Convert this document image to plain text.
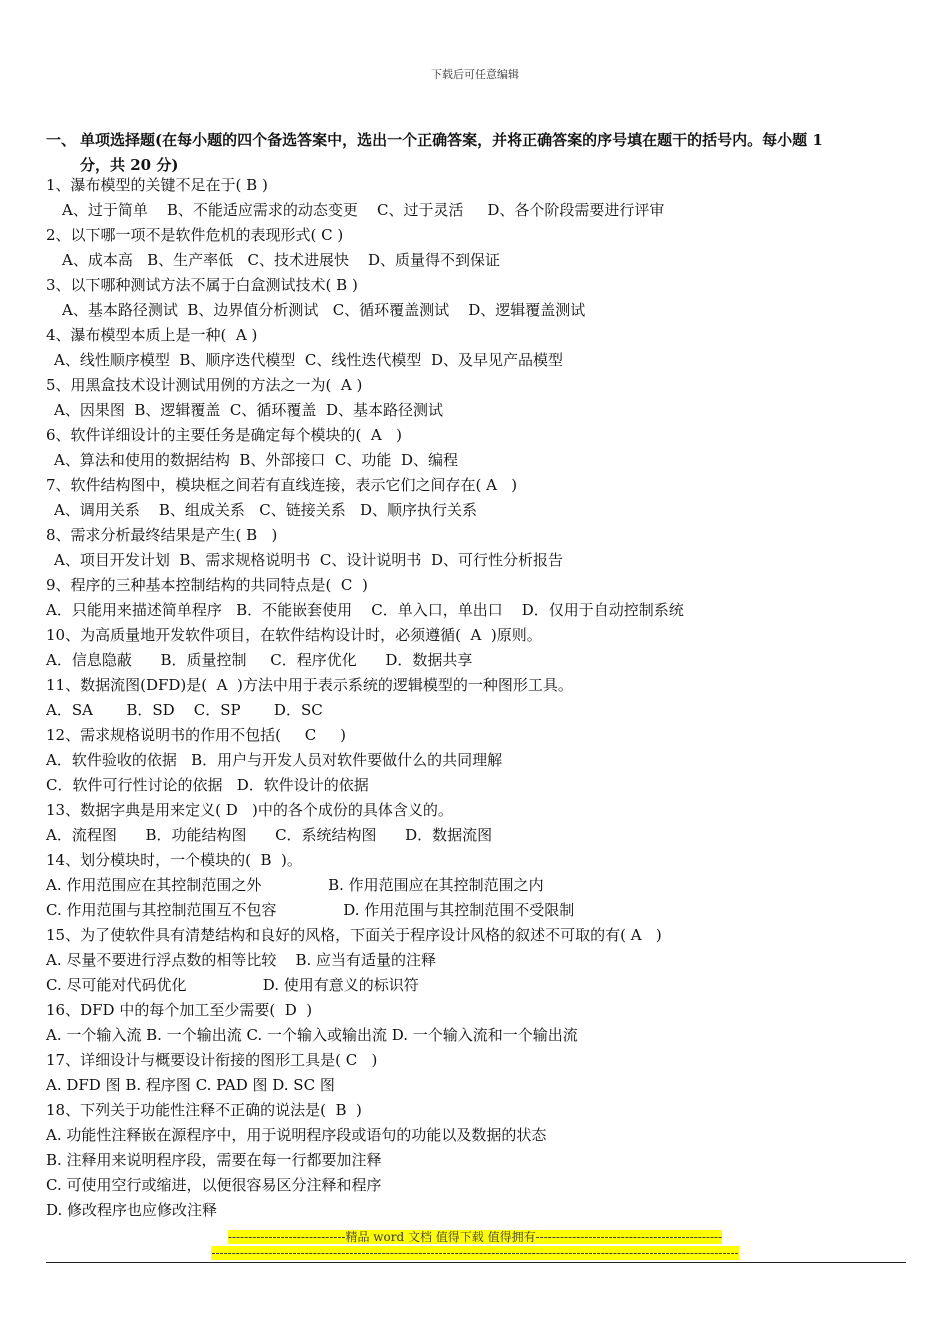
下载后可任意编辑
一、 单项选择题(在每小题的四个备选答案中，选出一个正确答案，并将正确答案的序号填在题干的括号内。每小题 1
分，共 20 分)
1、瀑布模型的关键不足在于( B )
A、过于简单    B、不能适应需求的动态变更    C、过于灵活     D、各个阶段需要进行评审
2、以下哪一项不是软件危机的表现形式( C )
A、成本高   B、生产率低   C、技术进展快    D、质量得不到保证
3、以下哪种测试方法不属于白盒测试技术( B )
A、基本路径测试  B、边界值分析测试   C、循环覆盖测试    D、逻辑覆盖测试
4、瀑布模型本质上是一种(  A )
A、线性顺序模型  B、顺序迭代模型  C、线性迭代模型  D、及早见产品模型
5、用黑盒技术设计测试用例的方法之一为(  A )
A、因果图  B、逻辑覆盖  C、循环覆盖  D、基本路径测试
6、软件详细设计的主要任务是确定每个模块的(  A   )
A、算法和使用的数据结构  B、外部接口  C、功能  D、编程
7、软件结构图中，模块框之间若有直线连接，表示它们之间存在( A   )
A、调用关系    B、组成关系   C、链接关系   D、顺序执行关系
8、需求分析最终结果是产生( B   )
A、项目开发计划  B、需求规格说明书  C、设计说明书  D、可行性分析报告
9、程序的三种基本控制结构的共同特点是(  C  )
A．只能用来描述简单程序   B．不能嵌套使用    C．单入口，单出口    D．仅用于自动控制系统
10、为高质量地开发软件项目，在软件结构设计时，必须遵循(  A  )原则。
A．信息隐蔽      B．质量控制     C．程序优化      D．数据共享
11、数据流图(DFD)是(  A  )方法中用于表示系统的逻辑模型的一种图形工具。
A．SA       B．SD    C．SP       D．SC
12、需求规格说明书的作用不包括(     C     )
A．软件验收的依据   B．用户与开发人员对软件要做什么的共同理解
C．软件可行性讨论的依据   D．软件设计的依据
13、数据字典是用来定义( D   )中的各个成份的具体含义的。
A．流程图      B．功能结构图      C．系统结构图      D．数据流图
14、划分模块时，一个模块的(  B  )。
A. 作用范围应在其控制范围之外              B. 作用范围应在其控制范围之内
C. 作用范围与其控制范围互不包容              D. 作用范围与其控制范围不受限制
15、为了使软件具有清楚结构和良好的风格，下面关于程序设计风格的叙述不可取的有( A   )
A. 尽量不要进行浮点数的相等比较    B. 应当有适量的注释
C. 尽可能对代码优化                D. 使用有意义的标识符
16、DFD 中的每个加工至少需要(  D  )
A. 一个输入流 B. 一个输出流 C. 一个输入或输出流 D. 一个输入流和一个输出流
17、详细设计与概要设计衔接的图形工具是( C   )
A. DFD 图 B. 程序图 C. PAD 图 D. SC 图
18、下列关于功能性注释不正确的说法是(  B  )
A. 功能性注释嵌在源程序中，用于说明程序段或语句的功能以及数据的状态
B. 注释用来说明程序段，需要在每一行都要加注释
C. 可使用空行或缩进，以便很容易区分注释和程序
D. 修改程序也应修改注释
-----------------------------精品 word 文档 值得下载 值得拥有----------------------------------------------
----------------------------------------------------------------------------------------------------------------------------------
